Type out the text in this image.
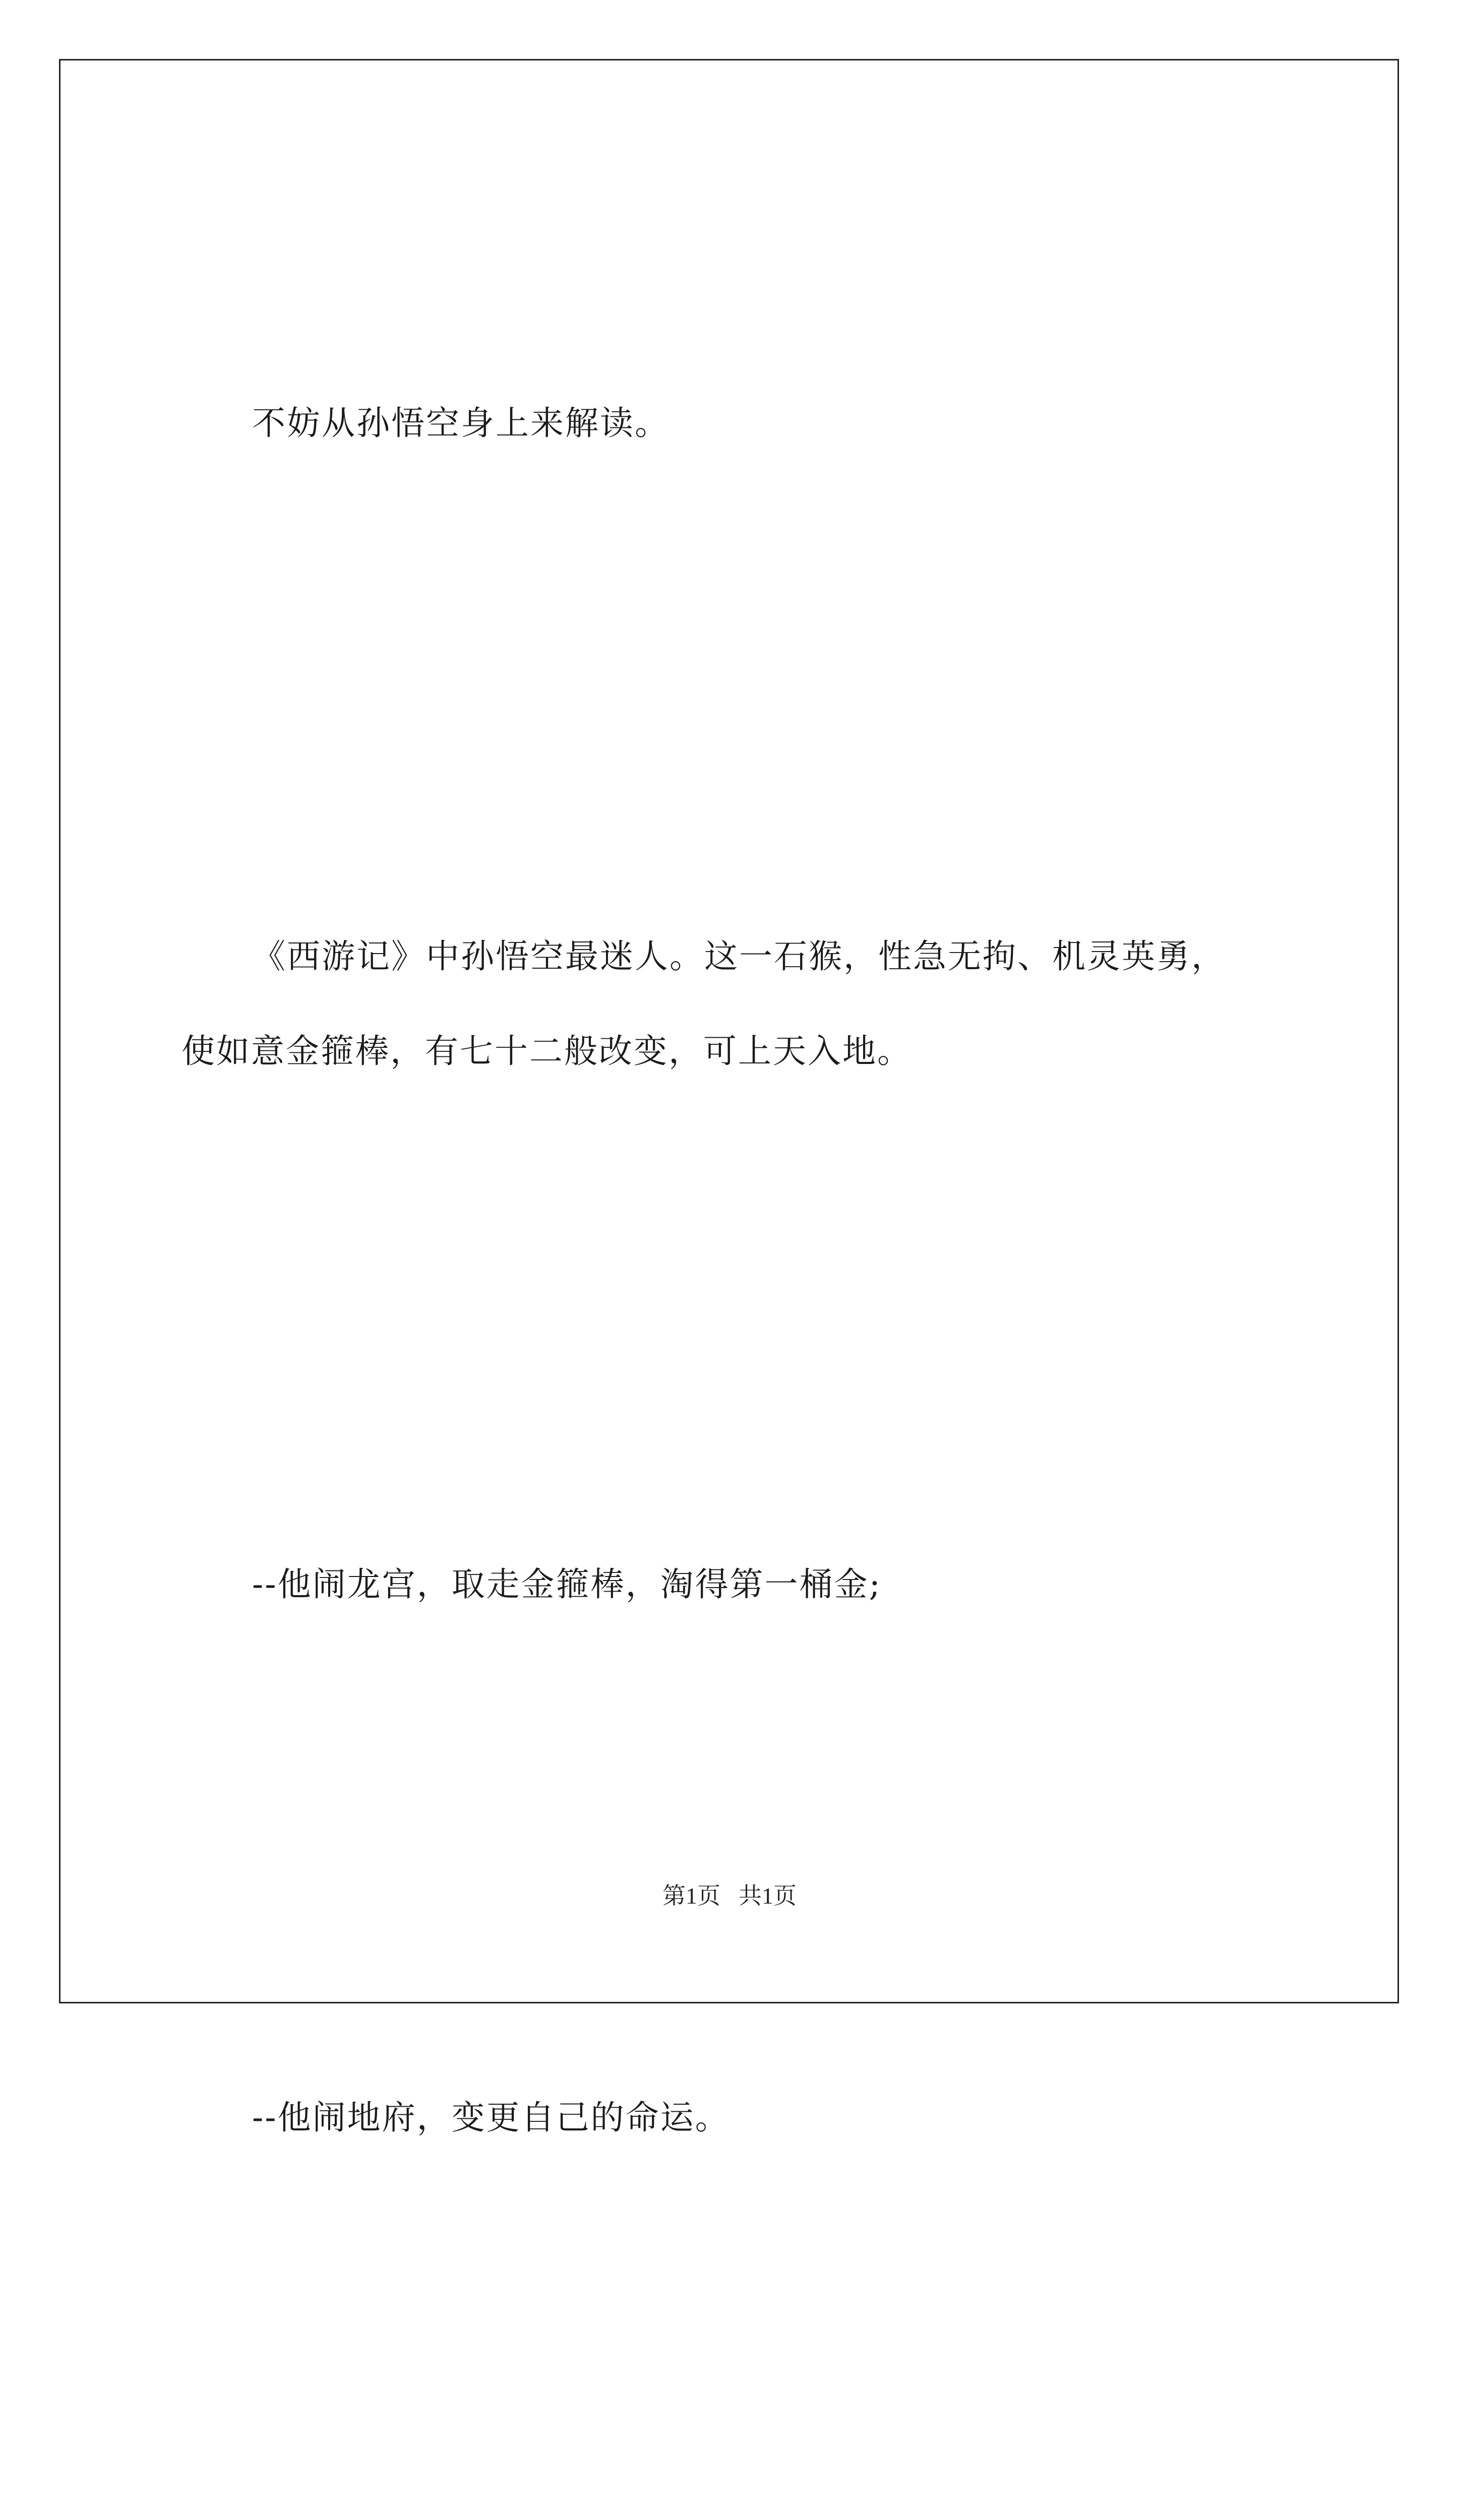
不妨从孙悟空身上来解读。

《西游记》中孙悟空最迷人。这一石猴，性急无拘、机灵英勇，
使如意金箍棒，有七十二般改变，可上天入地。

--他闹龙宫，取走金箍棒，淘得第一桶金;

--他闹地府，变更自己的命运。

第1页 共1页
